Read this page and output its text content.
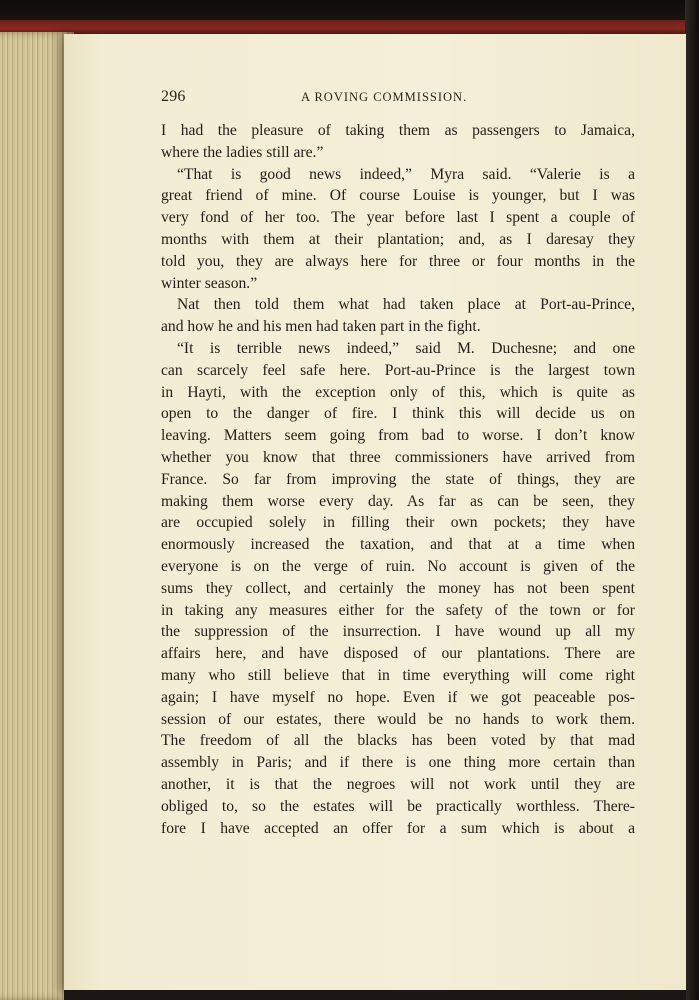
296	A ROVING COMMISSION.
I had the pleasure of taking them as passengers to Jamaica,
where the ladies still are.”
“That is good news indeed,” Myra said. “Valerie is a
great friend of mine. Of course Louise is younger, but I was
very fond of her too. The year before last I spent a couple of
months with them at their plantation; and, as I daresay they
told you, they are always here for three or four months in the
winter season.”
Nat then told them what had taken place at Port-au-Prince,
and how he and his men had taken part in the fight.
“It is terrible news indeed,” said M. Duchesne; and one
can scarcely feel safe here. Port-au-Prince is the largest town
in Hayti, with the exception only of this, which is quite as
open to the danger of fire. I think this will decide us on
leaving. Matters seem going from bad to worse. I don’t know
whether you know that three commissioners have arrived from
France. So far from improving the state of things, they are
making them worse every day. As far as can be seen, they
are occupied solely in filling their own pockets; they have
enormously increased the taxation, and that at a time when
everyone is on the verge of ruin. No account is given of the
sums they collect, and certainly the money has not been spent
in taking any measures either for the safety of the town or for
the suppression of the insurrection. I have wound up all my
affairs here, and have disposed of our plantations. There are
many who still believe that in time everything will come right
again; I have myself no hope. Even if we got peaceable pos-
session of our estates, there would be no hands to work them.
The freedom of all the blacks has been voted by that mad
assembly in Paris; and if there is one thing more certain than
another, it is that the negroes will not work until they are
obliged to, so the estates will be practically worthless. There-
fore I have accepted an offer for a sum which is about a
